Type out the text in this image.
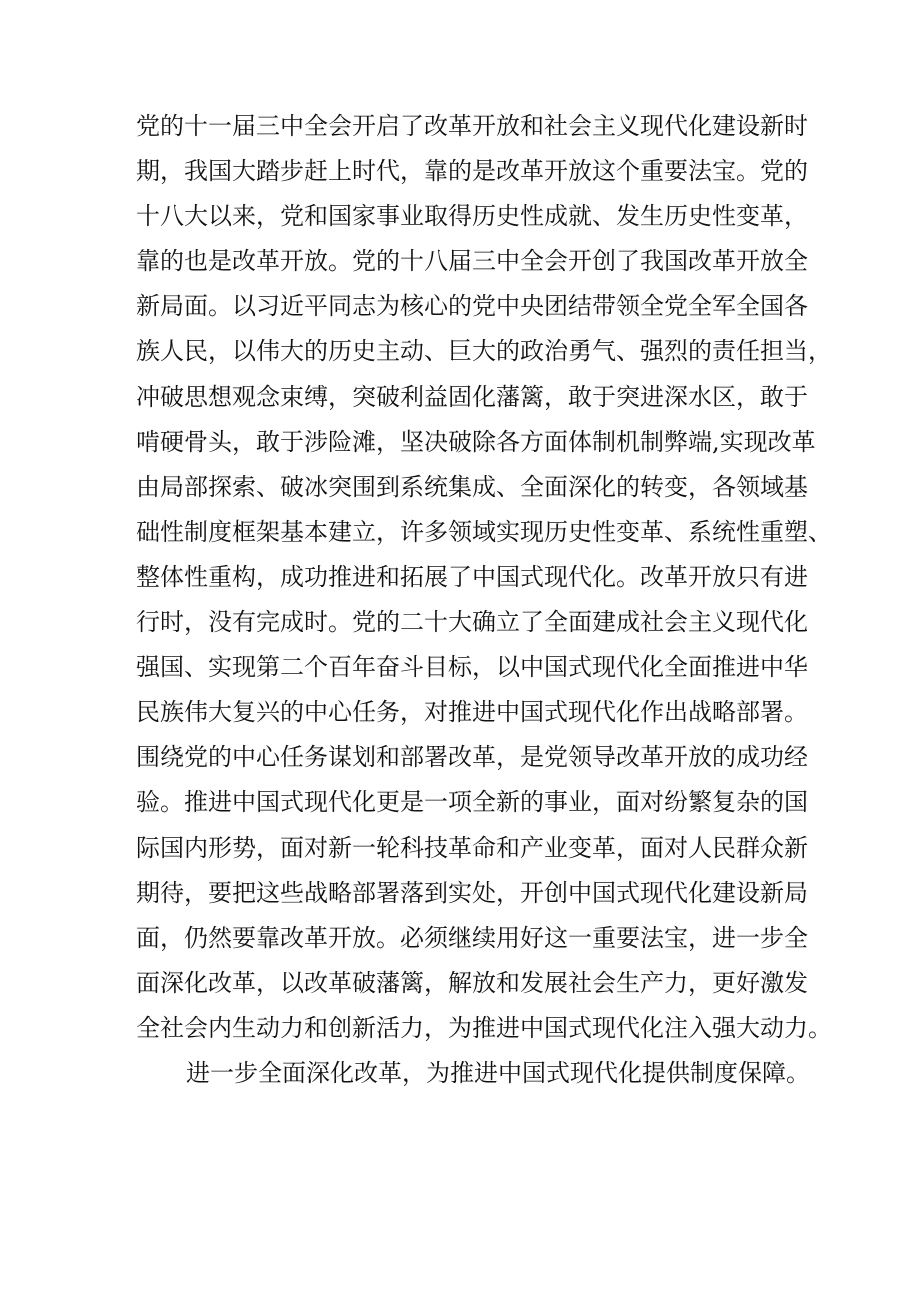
党的十一届三中全会开启了改革开放和社会主义现代化建设新时
期，我国大踏步赶上时代，靠的是改革开放这个重要法宝。党的
十八大以来，党和国家事业取得历史性成就、发生历史性变革，
靠的也是改革开放。党的十八届三中全会开创了我国改革开放全
新局面。以习近平同志为核心的党中央团结带领全党全军全国各
族人民，以伟大的历史主动、巨大的政治勇气、强烈的责任担当，
冲破思想观念束缚，突破利益固化藩篱，敢于突进深水区，敢于
啃硬骨头，敢于涉险滩，坚决破除各方面体制机制弊端,实现改革
由局部探索、破冰突围到系统集成、全面深化的转变，各领域基
础性制度框架基本建立，许多领域实现历史性变革、系统性重塑、
整体性重构，成功推进和拓展了中国式现代化。改革开放只有进
行时，没有完成时。党的二十大确立了全面建成社会主义现代化
强国、实现第二个百年奋斗目标，以中国式现代化全面推进中华
民族伟大复兴的中心任务，对推进中国式现代化作出战略部署。
围绕党的中心任务谋划和部署改革，是党领导改革开放的成功经
验。推进中国式现代化更是一项全新的事业，面对纷繁复杂的国
际国内形势，面对新一轮科技革命和产业变革，面对人民群众新
期待，要把这些战略部署落到实处，开创中国式现代化建设新局
面，仍然要靠改革开放。必须继续用好这一重要法宝，进一步全
面深化改革，以改革破藩篱，解放和发展社会生产力，更好激发
全社会内生动力和创新活力，为推进中国式现代化注入强大动力。
进一步全面深化改革，为推进中国式现代化提供制度保障。
